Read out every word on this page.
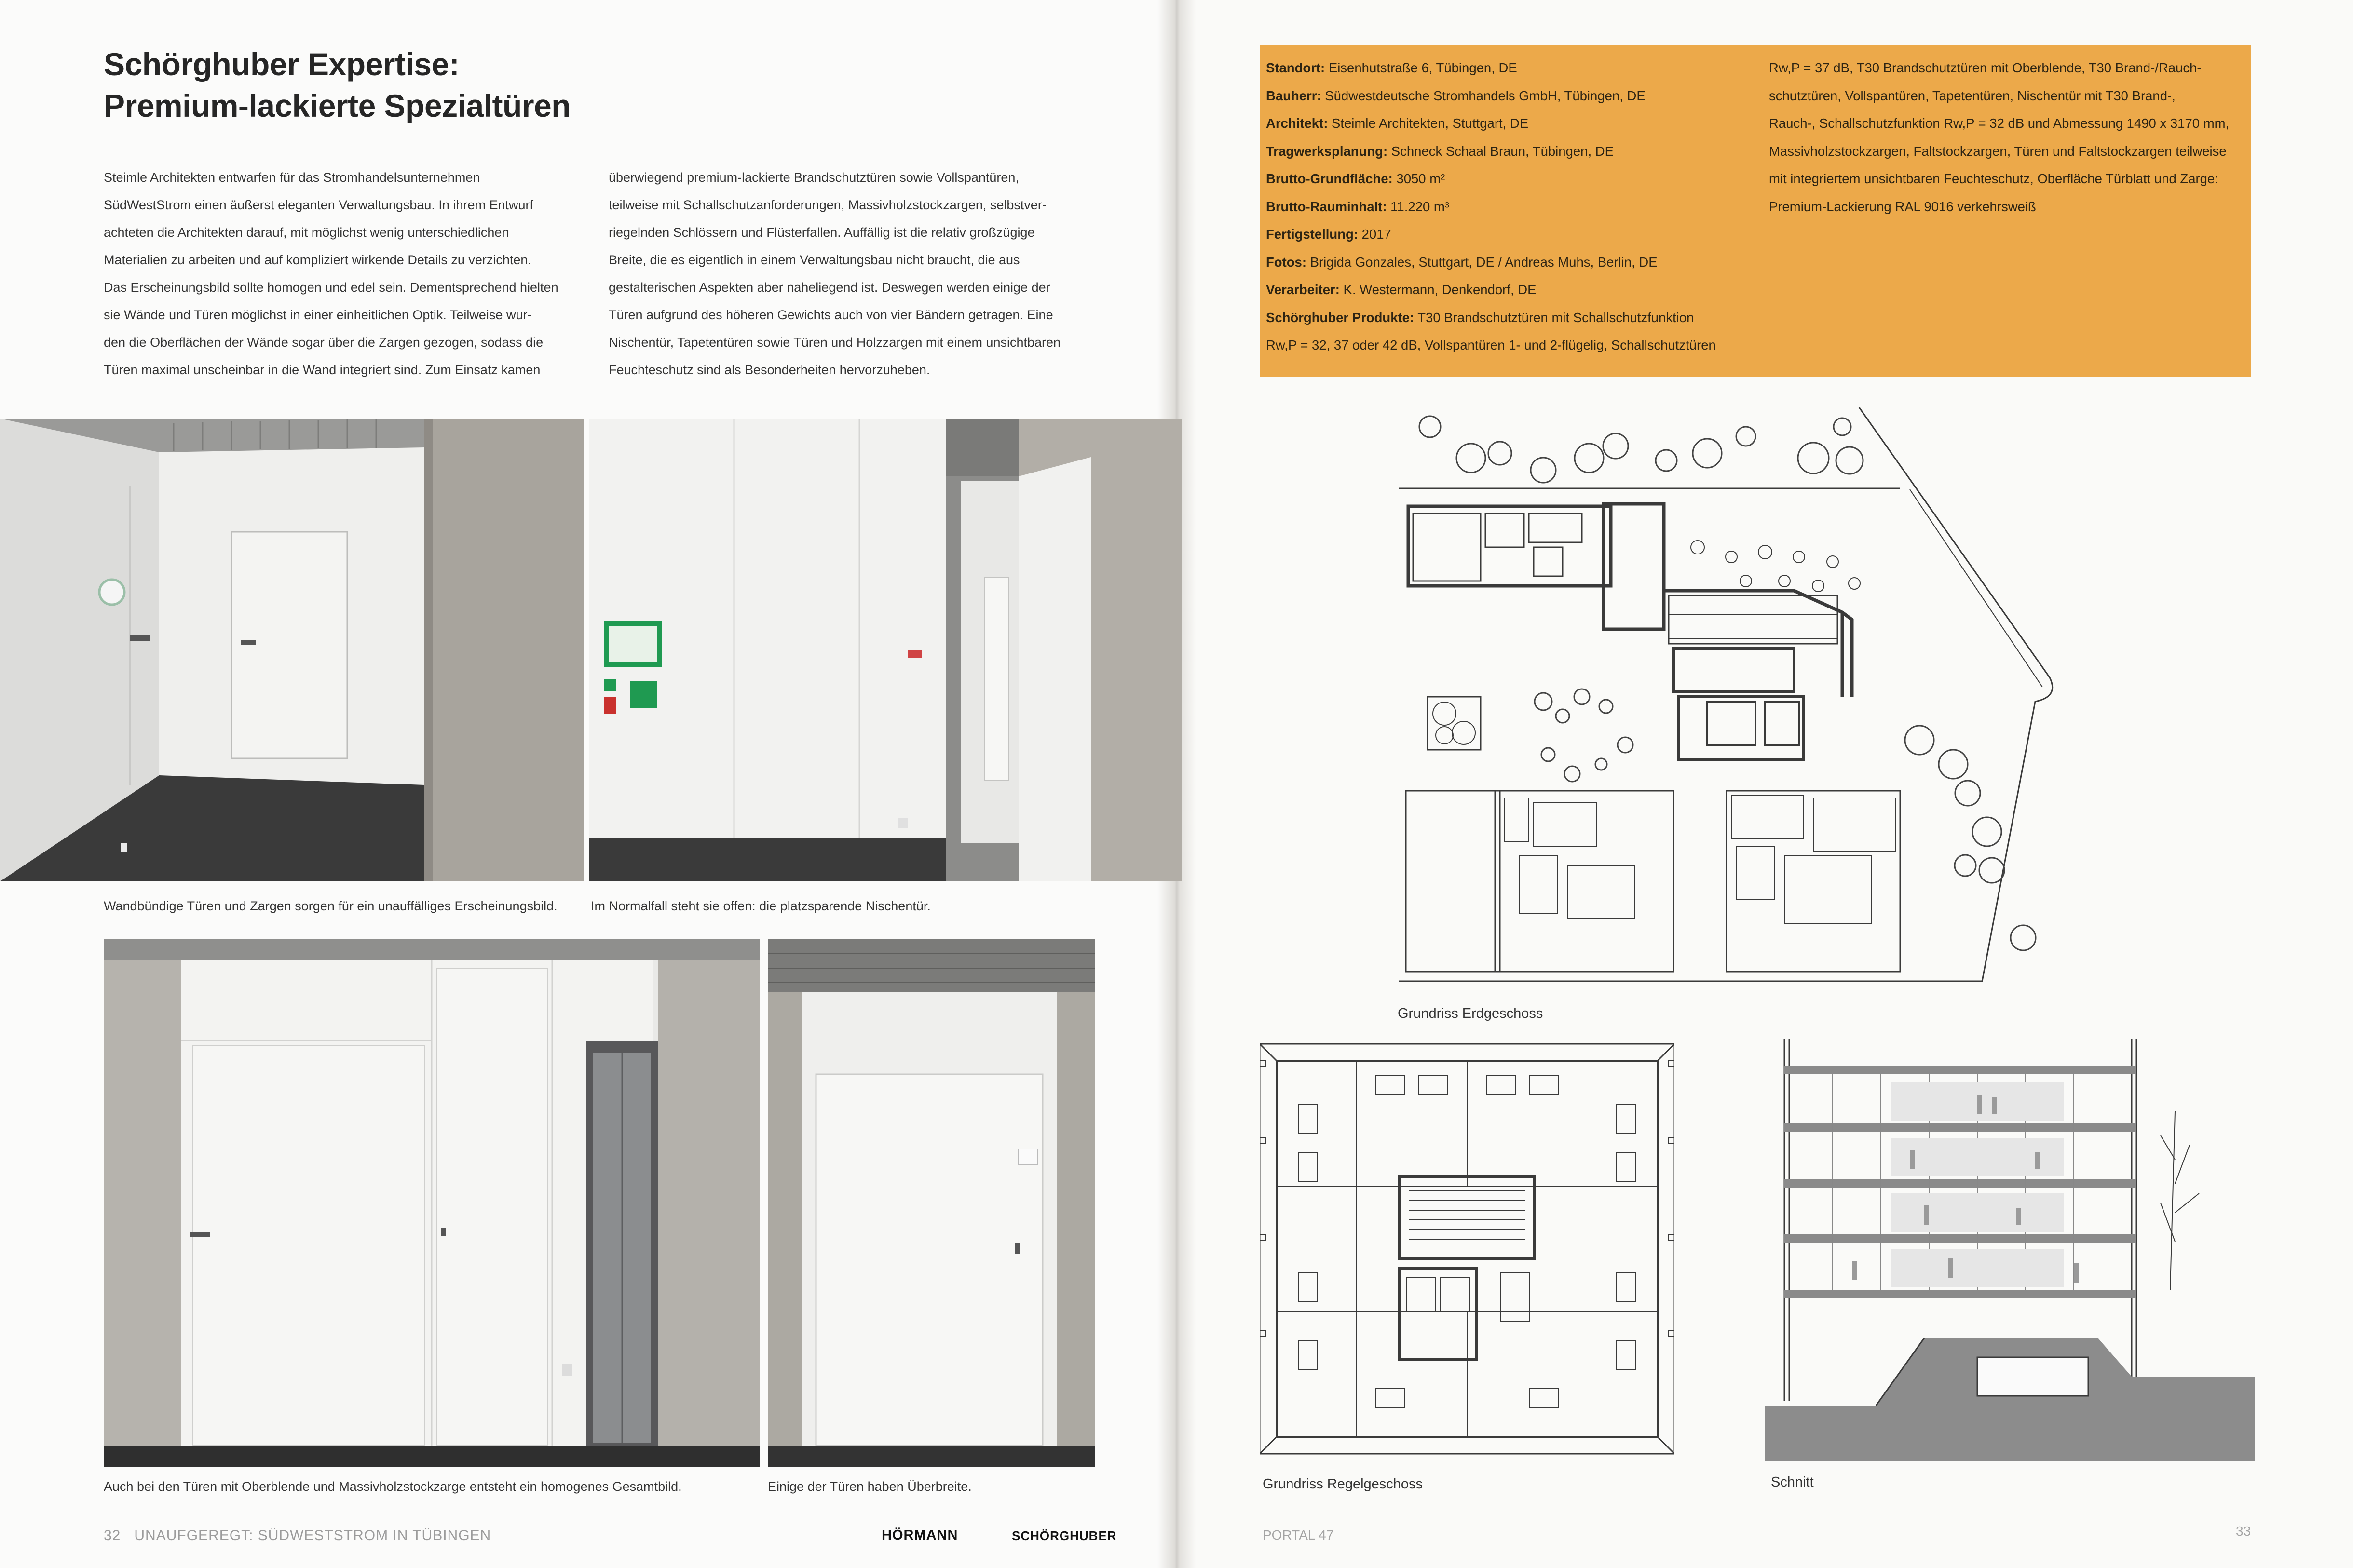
Schörghuber Expertise:
Premium-lackierte Spezialtüren

Steimle Architekten entwarfen für das Stromhandelsunternehmen

SüdWestStrom einen äußerst eleganten Verwaltungsbau. In ihrem Entwurf

achteten die Architekten darauf, mit möglichst wenig unterschiedlichen

Materialien zu arbeiten und auf kompliziert wirkende Details zu verzichten.

Das Erscheinungsbild sollte homogen und edel sein. Dementsprechend hielten

sie Wände und Türen möglichst in einer einheitlichen Optik. Teilweise wur-

den die Oberflächen der Wände sogar über die Zargen gezogen, sodass die

Türen maximal unscheinbar in die Wand integriert sind. Zum Einsatz kamen

überwiegend premium-lackierte Brandschutztüren sowie Vollspantüren,

teilweise mit Schallschutzanforderungen, Massivholzstockzargen, selbstver-

riegelnden Schlössern und Flüsterfallen. Auffällig ist die relativ großzügige

Breite, die es eigentlich in einem Verwaltungsbau nicht braucht, die aus

gestalterischen Aspekten aber naheliegend ist. Deswegen werden einige der

Türen aufgrund des höheren Gewichts auch von vier Bändern getragen. Eine

Nischentür, Tapetentüren sowie Türen und Holzzargen mit einem unsichtbaren

Feuchteschutz sind als Besonderheiten hervorzuheben.

Wandbündige Türen und Zargen sorgen für ein unauffälliges Erscheinungsbild.	Im Normalfall steht sie offen: die platzsparende Nischentür.
Auch bei den Türen mit Oberblende und Massivholzstockzarge entsteht ein homogenes Gesamtbild.	Einige der Türen haben Überbreite.
32 UNAUFGEREGT: SÜDWESTSTROM IN TÜBINGEN	HÖRMANN	SCHÖRGHUBER
Standort: Eisenhutstraße 6, Tübingen, DE
Bauherr: Südwestdeutsche Stromhandels GmbH, Tübingen, DE
Architekt: Steimle Architekten, Stuttgart, DE
Tragwerksplanung: Schneck Schaal Braun, Tübingen, DE
Brutto-Grundfläche: 3050 m²
Brutto-Rauminhalt: 11.220 m³
Fertigstellung: 2017
Fotos: Brigida Gonzales, Stuttgart, DE / Andreas Muhs, Berlin, DE
Verarbeiter: K. Westermann, Denkendorf, DE
Schörghuber Produkte: T30 Brandschutztüren mit Schallschutzfunktion
Rw,P = 32, 37 oder 42 dB, Vollspantüren 1- und 2-flügelig, Schallschutztüren
Rw,P = 37 dB, T30 Brandschutztüren mit Oberblende, T30 Brand-/Rauch-
schutztüren, Vollspantüren, Tapetentüren, Nischentür mit T30 Brand-,
Rauch-, Schallschutzfunktion Rw,P = 32 dB und Abmessung 1490 x 3170 mm,
Massivholzstockzargen, Faltstockzargen, Türen und Faltstockzargen teilweise
mit integriertem unsichtbaren Feuchteschutz, Oberfläche Türblatt und Zarge:
Premium-Lackierung RAL 9016 verkehrsweiß
Grundriss Erdgeschoss
Grundriss Regelgeschoss	Schnitt
PORTAL 47	33
